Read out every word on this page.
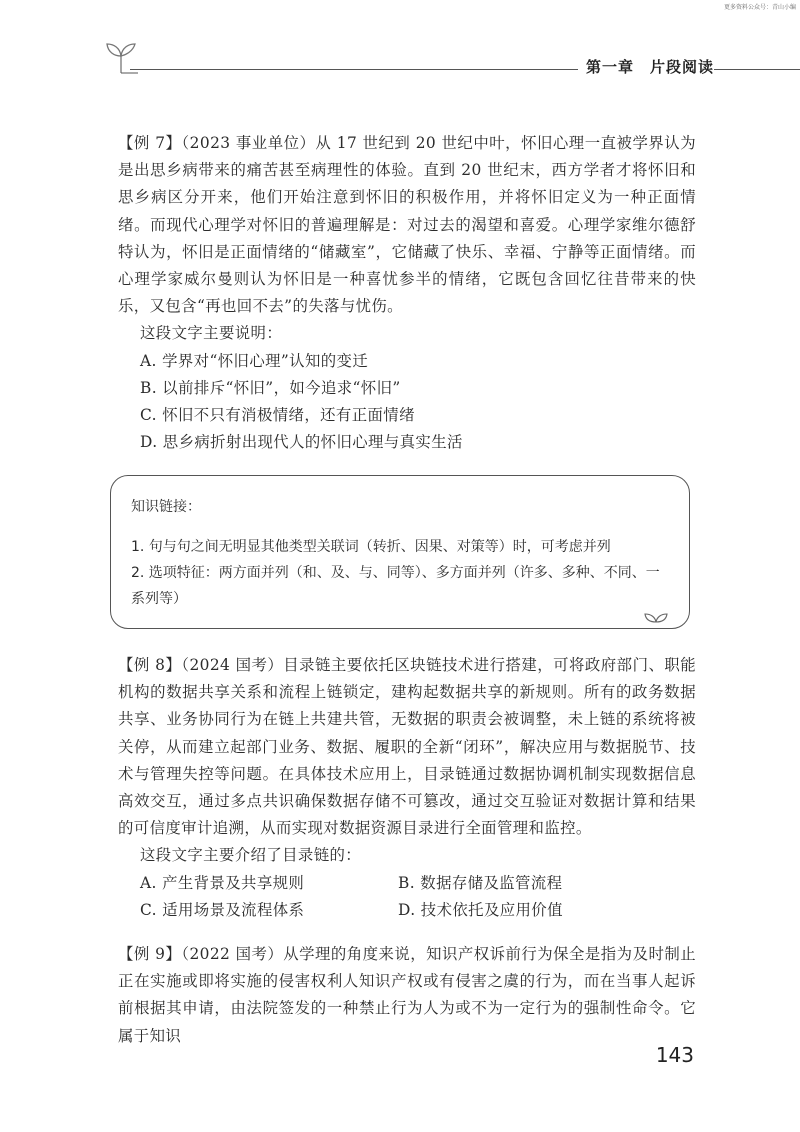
更多资料公众号：青山小编
第一章　片段阅读

【例 7】（2023 事业单位）从 17 世纪到 20 世纪中叶，怀旧心理一直被学界认为是出思乡病带来的痛苦甚至病理性的体验。直到 20 世纪末，西方学者才将怀旧和思乡病区分开来，他们开始注意到怀旧的积极作用，并将怀旧定义为一种正面情绪。而现代心理学对怀旧的普遍理解是：对过去的渴望和喜爱。心理学家维尔德舒特认为，怀旧是正面情绪的“储藏室”，它储藏了快乐、幸福、宁静等正面情绪。而心理学家威尔曼则认为怀旧是一种喜忧参半的情绪，它既包含回忆往昔带来的快乐，又包含“再也回不去”的失落与忧伤。

这段文字主要说明：

A. 学界对“怀旧心理”认知的变迁

B. 以前排斥“怀旧”，如今追求“怀旧”

C. 怀旧不只有消极情绪，还有正面情绪

D. 思乡病折射出现代人的怀旧心理与真实生活

知识链接：

1. 句与句之间无明显其他类型关联词（转折、因果、对策等）时，可考虑并列

2. 选项特征：两方面并列（和、及、与、同等）、多方面并列（许多、多种、不同、一系列等）

【例 8】（2024 国考）目录链主要依托区块链技术进行搭建，可将政府部门、职能机构的数据共享关系和流程上链锁定，建构起数据共享的新规则。所有的政务数据共享、业务协同行为在链上共建共管，无数据的职责会被调整，未上链的系统将被关停，从而建立起部门业务、数据、履职的全新“闭环”，解决应用与数据脱节、技术与管理失控等问题。在具体技术应用上，目录链通过数据协调机制实现数据信息高效交互，通过多点共识确保数据存储不可篡改，通过交互验证对数据计算和结果的可信度审计追溯，从而实现对数据资源目录进行全面管理和监控。

这段文字主要介绍了目录链的：

A. 产生背景及共享规则	B. 数据存储及监管流程
C. 适用场景及流程体系	D. 技术依托及应用价值

【例 9】（2022 国考）从学理的角度来说，知识产权诉前行为保全是指为及时制止正在实施或即将实施的侵害权利人知识产权或有侵害之虞的行为，而在当事人起诉前根据其申请，由法院签发的一种禁止行为人为或不为一定行为的强制性命令。它属于知识

143
